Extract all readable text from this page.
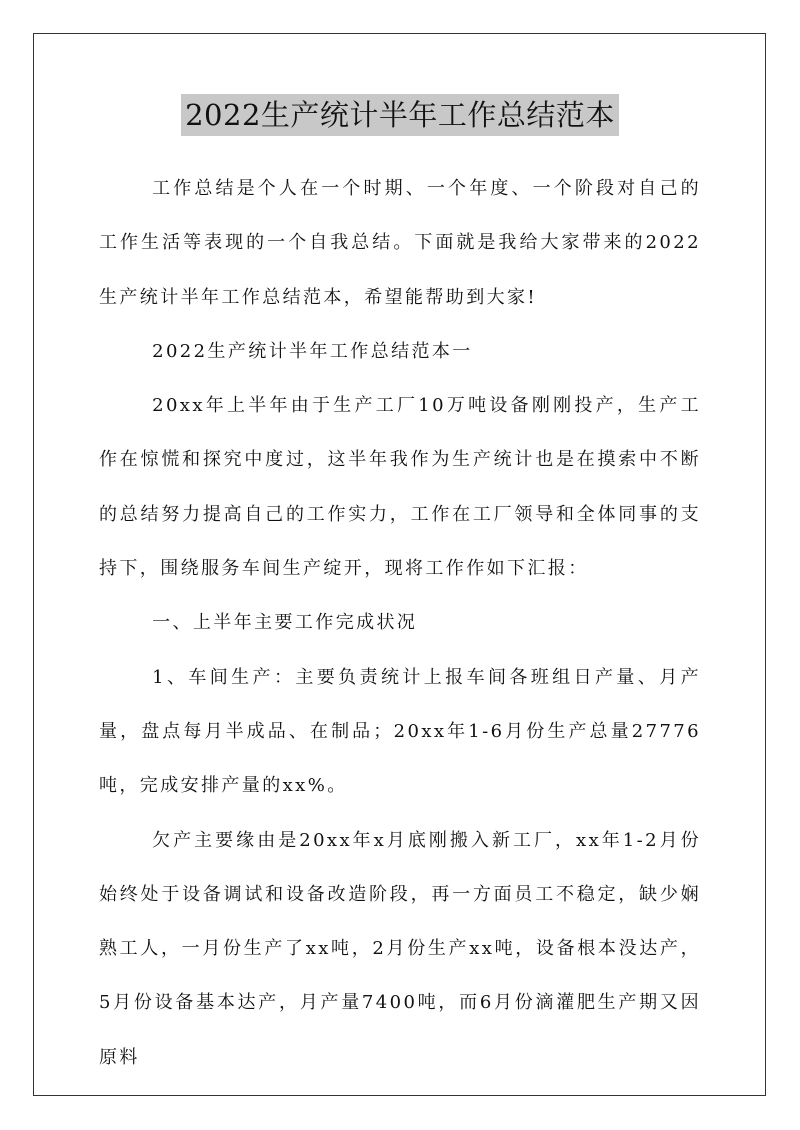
2022生产统计半年工作总结范本

工作总结是个人在一个时期、一个年度、一个阶段对自己的工作生活等表现的一个自我总结。下面就是我给大家带来的2022生产统计半年工作总结范本，希望能帮助到大家!

2022生产统计半年工作总结范本一

20xx年上半年由于生产工厂10万吨设备刚刚投产，生产工作在惊慌和探究中度过，这半年我作为生产统计也是在摸索中不断的总结努力提高自己的工作实力，工作在工厂领导和全体同事的支持下，围绕服务车间生产绽开，现将工作作如下汇报：

一、上半年主要工作完成状况

1、车间生产：主要负责统计上报车间各班组日产量、月产量，盘点每月半成品、在制品；20xx年1-6月份生产总量27776吨，完成安排产量的xx%。

欠产主要缘由是20xx年x月底刚搬入新工厂，xx年1-2月份始终处于设备调试和设备改造阶段，再一方面员工不稳定，缺少娴熟工人，一月份生产了xx吨，2月份生产xx吨，设备根本没达产，5月份设备基本达产，月产量7400吨，而6月份滴灌肥生产期又因原料
